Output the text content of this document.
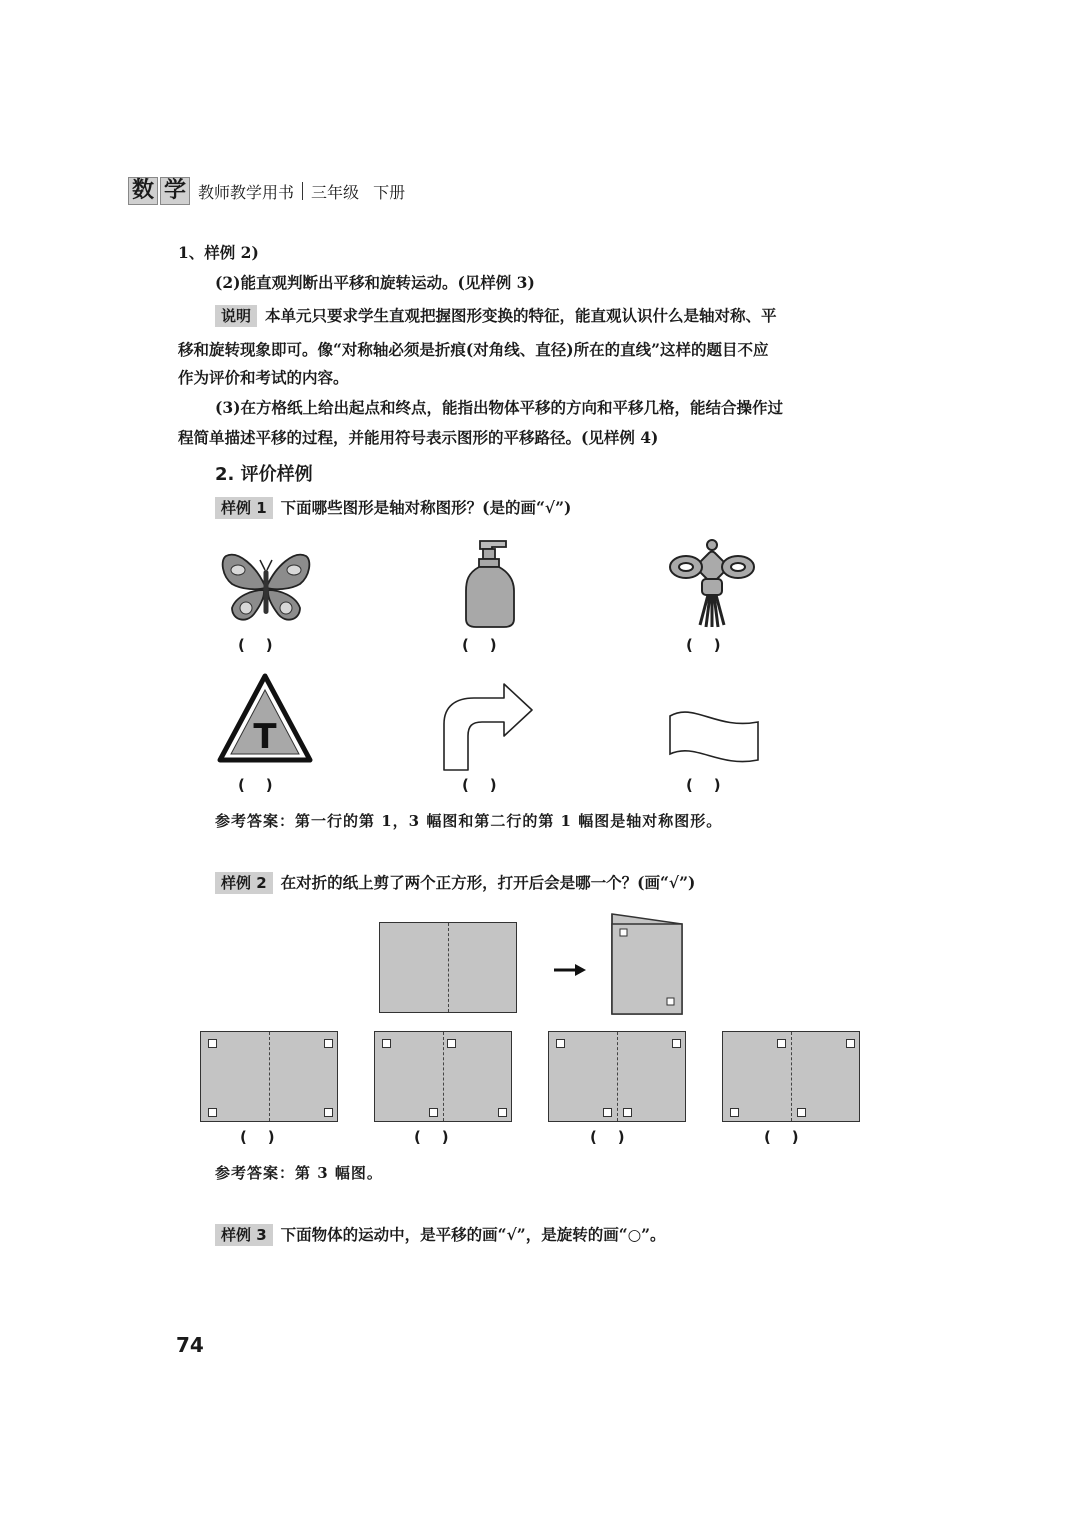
数 学 教师教学用书 三年级 下册
1、样例 2)
(2)能直观判断出平移和旋转运动。(见样例 3)
说明 本单元只要求学生直观把握图形变换的特征，能直观认识什么是轴对称、平
移和旋转现象即可。像“对称轴必须是折痕(对角线、直径)所在的直线”这样的题目不应
作为评价和考试的内容。
(3)在方格纸上给出起点和终点，能指出物体平移的方向和平移几格，能结合操作过
程简单描述平移的过程，并能用符号表示图形的平移路径。(见样例 4)
2. 评价样例
样例 1 下面哪些图形是轴对称图形？(是的画“√”)
(    )	(    )	(    )
T
(    )	(    )	(    )
参考答案：第一行的第 1，3 幅图和第二行的第 1 幅图是轴对称图形。
样例 2 在对折的纸上剪了两个正方形，打开后会是哪一个？(画“√”)
(    )	(    )	(    )	(    )
参考答案：第 3 幅图。
样例 3 下面物体的运动中，是平移的画“√”，是旋转的画“○”。
74
